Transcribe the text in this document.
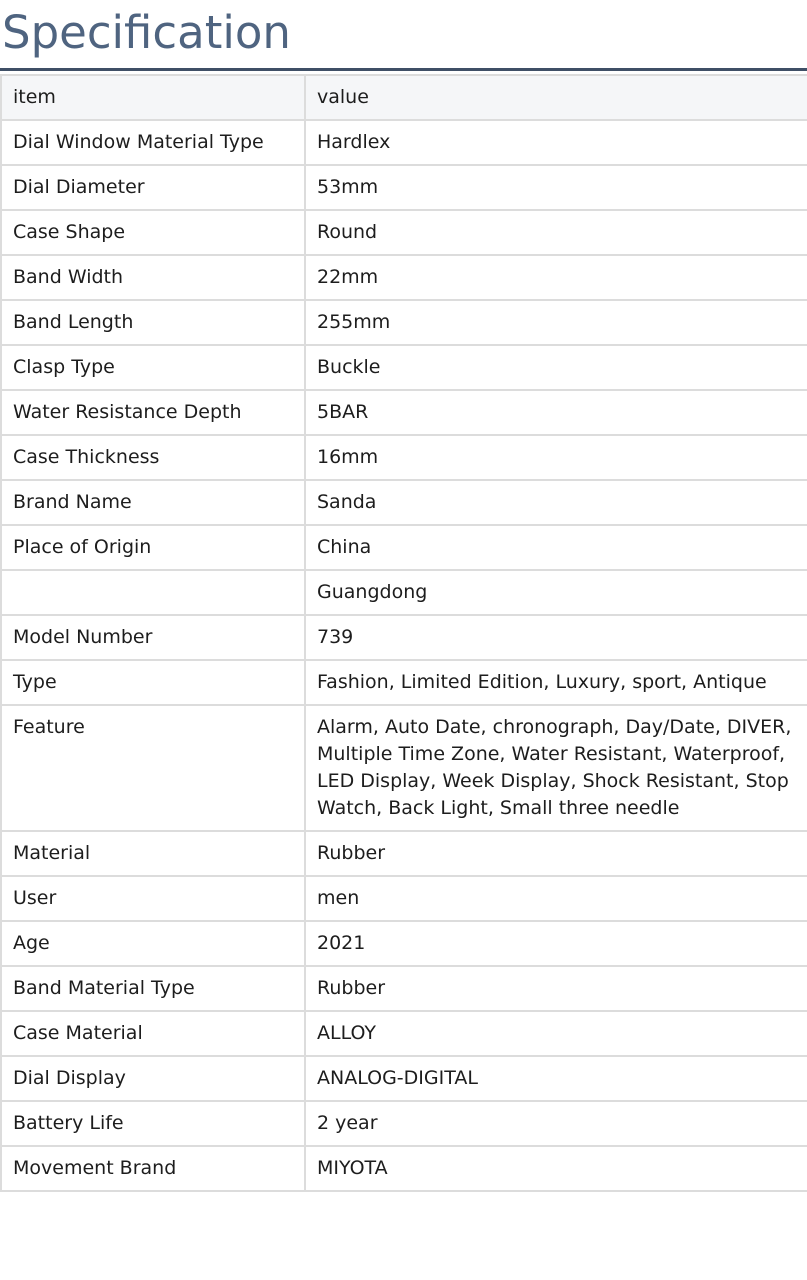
Specification
item	value
Dial Window Material Type	Hardlex
Dial Diameter	53mm
Case Shape	Round
Band Width	22mm
Band Length	255mm
Clasp Type	Buckle
Water Resistance Depth	5BAR
Case Thickness	16mm
Brand Name	Sanda
Place of Origin	China
	Guangdong
Model Number	739
Type	Fashion, Limited Edition, Luxury, sport, Antique
Feature	Alarm, Auto Date, chronograph, Day/Date, DIVER, Multiple Time Zone, Water Resistant, Waterproof, LED Display, Week Display, Shock Resistant, Stop Watch, Back Light, Small three needle
Material	Rubber
User	men
Age	2021
Band Material Type	Rubber
Case Material	ALLOY
Dial Display	ANALOG-DIGITAL
Battery Life	2 year
Movement Brand	MIYOTA
